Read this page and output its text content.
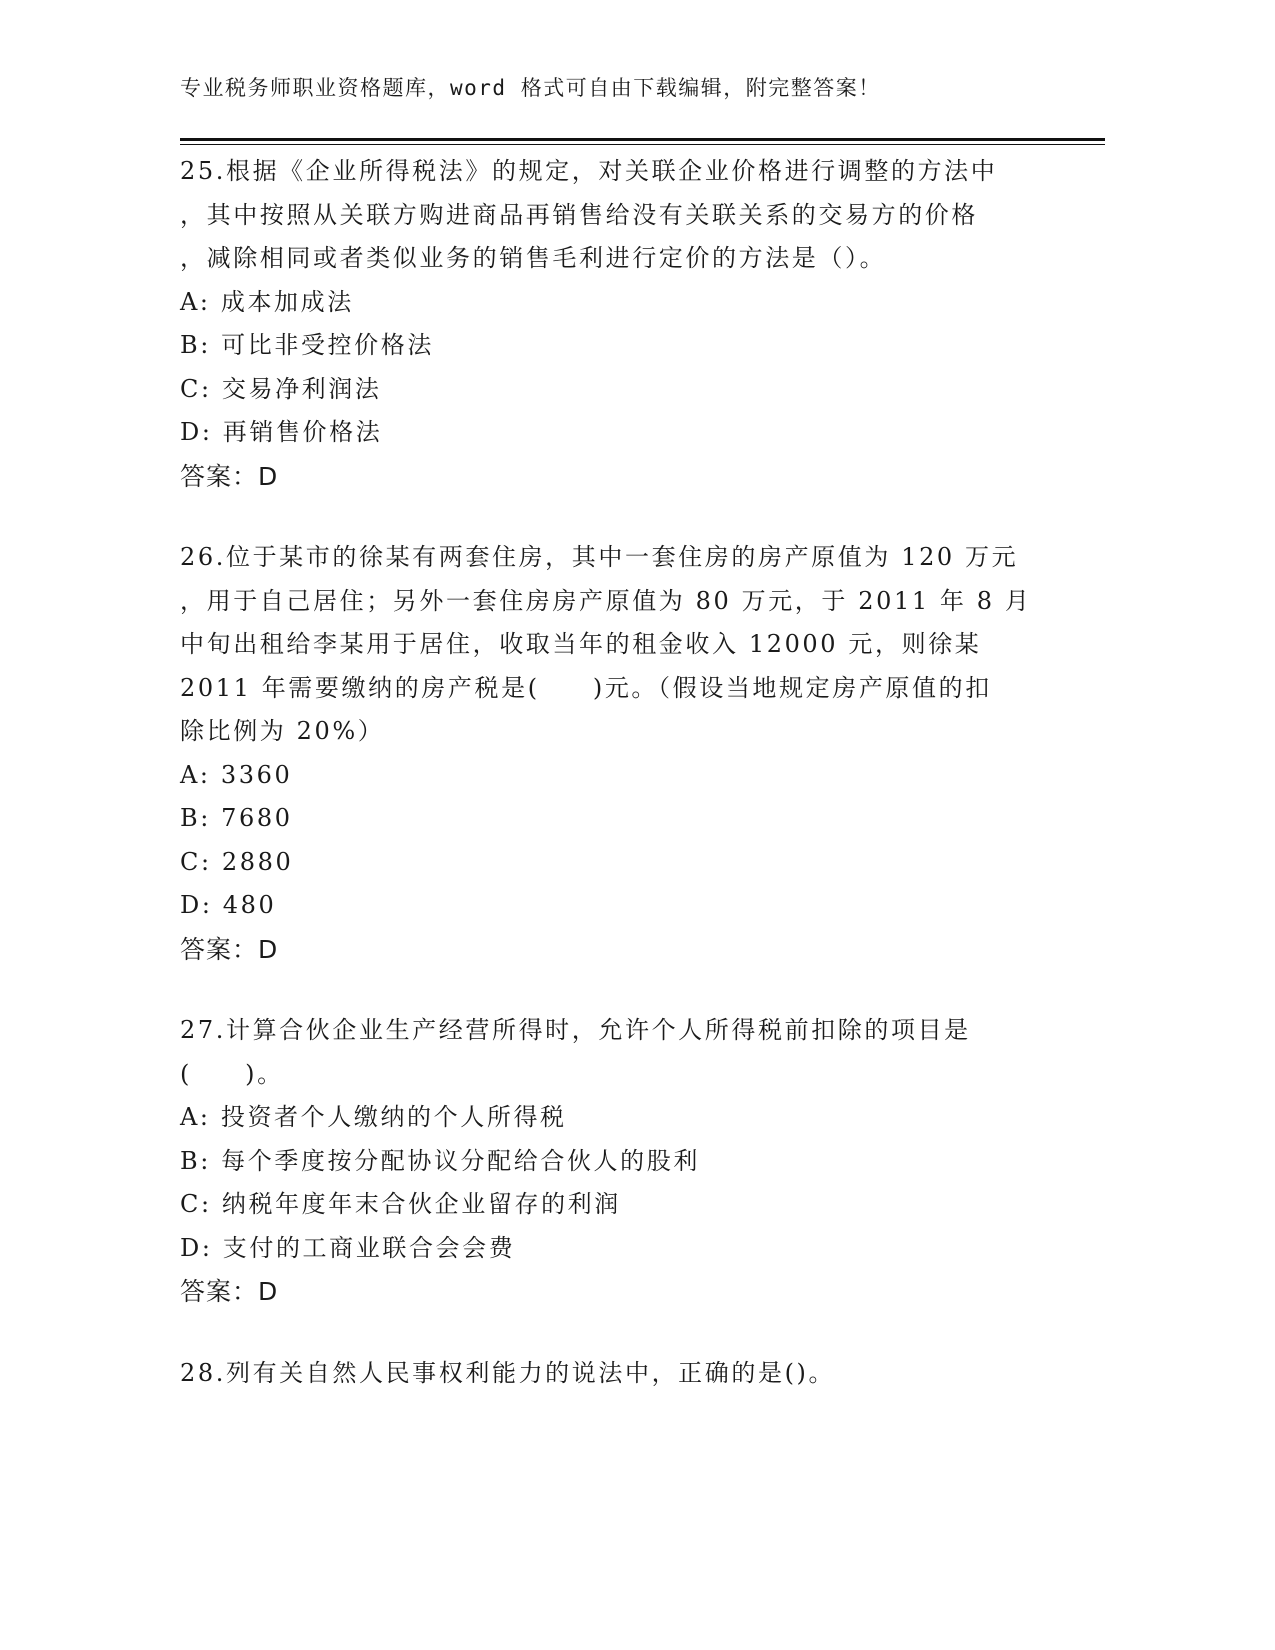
专业税务师职业资格题库，word 格式可自由下载编辑，附完整答案！

25.根据《企业所得税法》的规定，对关联企业价格进行调整的方法中

，其中按照从关联方购进商品再销售给没有关联关系的交易方的价格

，减除相同或者类似业务的销售毛利进行定价的方法是（）。

A: 成本加成法

B: 可比非受控价格法

C: 交易净利润法

D: 再销售价格法

答案：D

26.位于某市的徐某有两套住房，其中一套住房的房产原值为 120 万元

，用于自己居住；另外一套住房房产原值为 80 万元，于 2011 年 8 月

中旬出租给李某用于居住，收取当年的租金收入 12000 元，则徐某

2011 年需要缴纳的房产税是(　　)元。（假设当地规定房产原值的扣

除比例为 20%）

A: 3360

B: 7680

C: 2880

D: 480

答案：D

27.计算合伙企业生产经营所得时，允许个人所得税前扣除的项目是

(　　)。

A: 投资者个人缴纳的个人所得税

B: 每个季度按分配协议分配给合伙人的股利

C: 纳税年度年末合伙企业留存的利润

D: 支付的工商业联合会会费

答案：D

28.列有关自然人民事权利能力的说法中，正确的是()。
